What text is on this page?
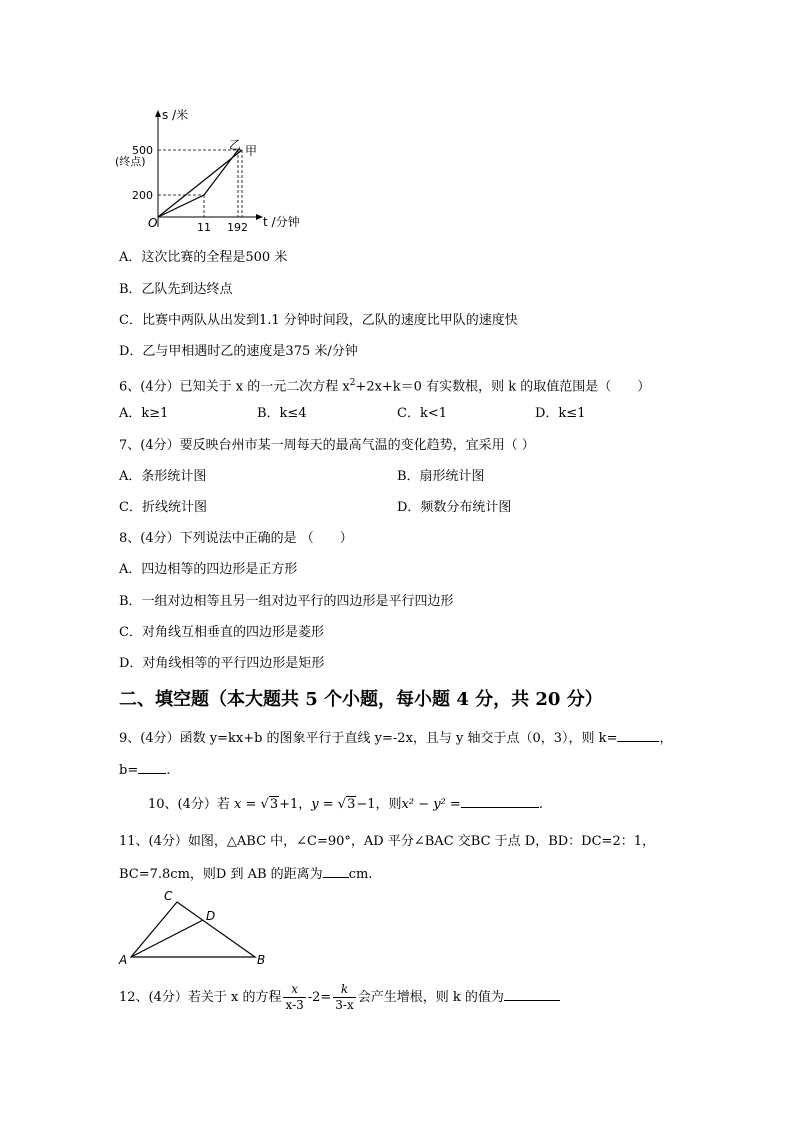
s /米
t /分钟
500
(终点)
200
O	11 19 2
乙 甲
A．这次比赛的全程是500 米
B．乙队先到达终点
C．比赛中两队从出发到1.1 分钟时间段，乙队的速度比甲队的速度快
D．乙与甲相遇时乙的速度是375 米/分钟
6、(4分）已知关于 x 的一元二次方程 $x^2+2x+k=0$ 有实数根，则 k 的取值范围是（　　）
A．k≥1	B．k≤4	C．k<1	D．k≤1
7、(4分）要反映台州市某一周每天的最高气温的变化趋势，宜采用（ ）
A．条形统计图	B．扇形统计图
C．折线统计图	D．频数分布统计图
8、(4分）下列说法中正确的是 （　　）
A．四边相等的四边形是正方形
B．一组对边相等且另一组对边平行的四边形是平行四边形
C．对角线互相垂直的四边形是菱形
D．对角线相等的平行四边形是矩形
二、填空题（本大题共 5 个小题，每小题 4 分，共 20 分）
9、(4分）函数 y=kx+b 的图象平行于直线 y=-2x，且与 y 轴交于点（0，3），则 k=	，
b= .
10、(4分）若 x = √3+1，y = √3−1，则x² − y² =	.
11、(4分）如图，△ABC 中，∠C=90°，AD 平分∠BAC 交BC 于点 D，BD：DC=2：1，
BC=7.8cm，则D 到 AB 的距离为 cm.
A	B
C
D
12、(4分）若关于 x 的方程 $\frac{x}{x-3} -2= \frac{k}{3-x}$ 会产生增根，则 k 的值为
